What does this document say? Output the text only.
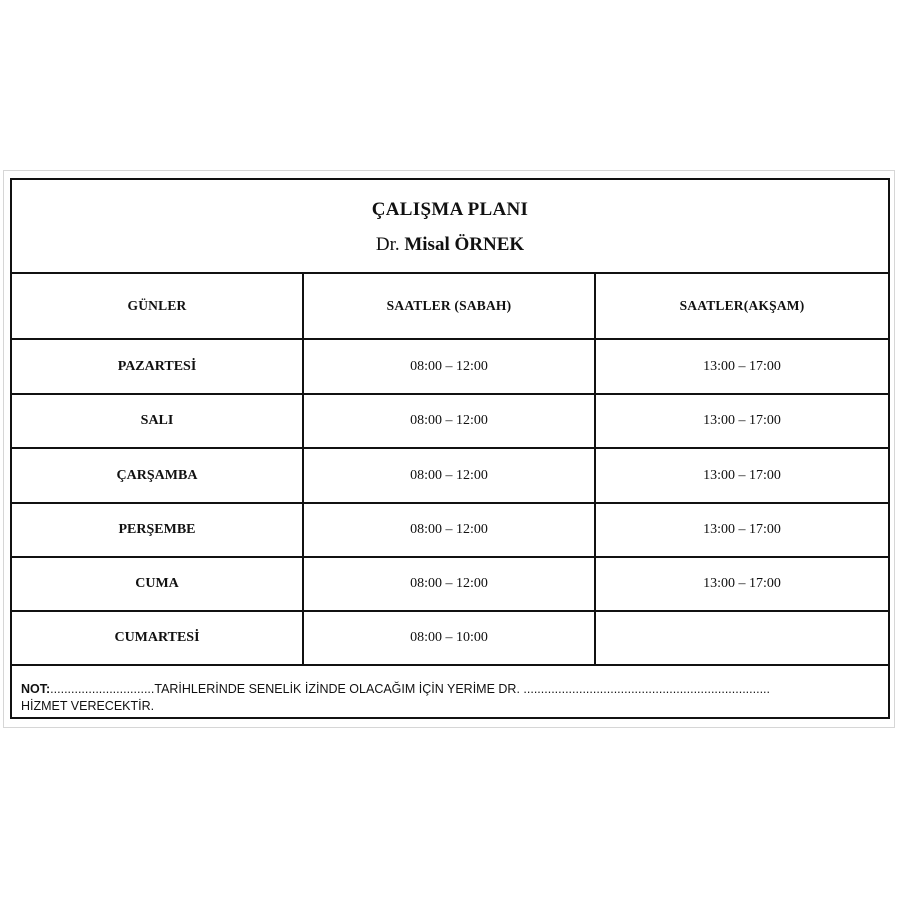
ÇALIŞMA PLANI
Dr. Misal ÖRNEK
GÜNLER	SAATLER (SABAH)	SAATLER(AKŞAM)
PAZARTESİ	08:00 – 12:00	13:00 – 17:00
SALI	08:00 – 12:00	13:00 – 17:00
ÇARŞAMBA	08:00 – 12:00	13:00 – 17:00
PERŞEMBE	08:00 – 12:00	13:00 – 17:00
CUMA	08:00 – 12:00	13:00 – 17:00
CUMARTESİ	08:00 – 10:00
NOT:..............................TARİHLERİNDE SENELİK İZİNDE OLACAĞIM İÇİN YERİME DR. .......................................................................
HİZMET VERECEKTİR.
